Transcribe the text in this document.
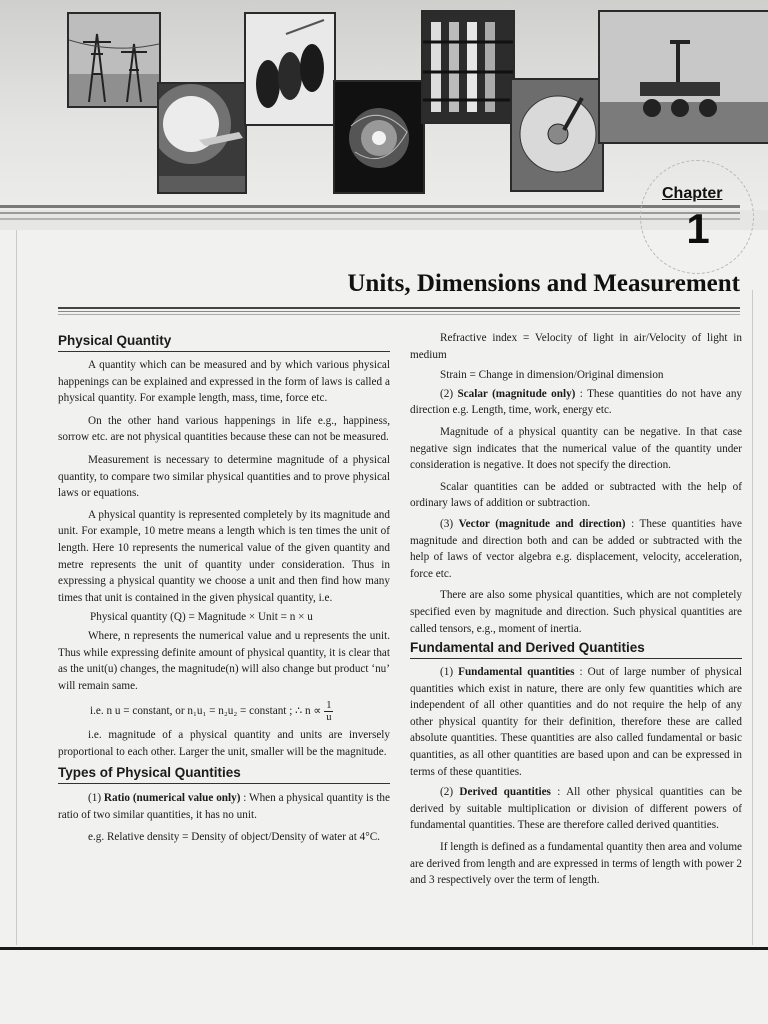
Chapter
1
Units, Dimensions and Measurement
Physical Quantity

A quantity which can be measured and by which various physical happenings can be explained and expressed in the form of laws is called a physical quantity. For example length, mass, time, force etc.

On the other hand various happenings in life e.g., happiness, sorrow etc. are not physical quantities because these can not be measured.

Measurement is necessary to determine magnitude of a physical quantity, to compare two similar physical quantities and to prove physical laws or equations.

A physical quantity is represented completely by its magnitude and unit. For example, 10 metre means a length which is ten times the unit of length. Here 10 represents the numerical value of the given quantity and metre represents the unit of quantity under consideration. Thus in expressing a physical quantity we choose a unit and then find how many times that unit is contained in the given physical quantity, i.e.

Physical quantity (Q) = Magnitude × Unit = n × u

Where, n represents the numerical value and u represents the unit. Thus while expressing definite amount of physical quantity, it is clear that as the unit(u) changes, the magnitude(n) will also change but product ‘nu’ will remain same.

i.e. n u = constant, or n₁u₁ = n₂u₂ = constant ; ∴ $n \propto \frac{1}{u}$

i.e. magnitude of a physical quantity and units are inversely proportional to each other. Larger the unit, smaller will be the magnitude.

Types of Physical Quantities

(1) Ratio (numerical value only) : When a physical quantity is the ratio of two similar quantities, it has no unit.

e.g. Relative density = Density of object/Density of water at 4°C.

Refractive index = Velocity of light in air/Velocity of light in medium

Strain = Change in dimension/Original dimension

(2) Scalar (magnitude only) : These quantities do not have any direction e.g. Length, time, work, energy etc.

Magnitude of a physical quantity can be negative. In that case negative sign indicates that the numerical value of the quantity under consideration is negative. It does not specify the direction.

Scalar quantities can be added or subtracted with the help of ordinary laws of addition or subtraction.

(3) Vector (magnitude and direction) : These quantities have magnitude and direction both and can be added or subtracted with the help of laws of vector algebra e.g. displacement, velocity, acceleration, force etc.

There are also some physical quantities, which are not completely specified even by magnitude and direction. Such physical quantities are called tensors, e.g., moment of inertia.

Fundamental and Derived Quantities

(1) Fundamental quantities : Out of large number of physical quantities which exist in nature, there are only few quantities which are independent of all other quantities and do not require the help of any other physical quantity for their definition, therefore these are called absolute quantities. These quantities are also called fundamental or basic quantities, as all other quantities are based upon and can be expressed in terms of these quantities.

(2) Derived quantities : All other physical quantities can be derived by suitable multiplication or division of different powers of fundamental quantities. These are therefore called derived quantities.

If length is defined as a fundamental quantity then area and volume are derived from length and are expressed in terms of length with power 2 and 3 respectively over the term of length.
